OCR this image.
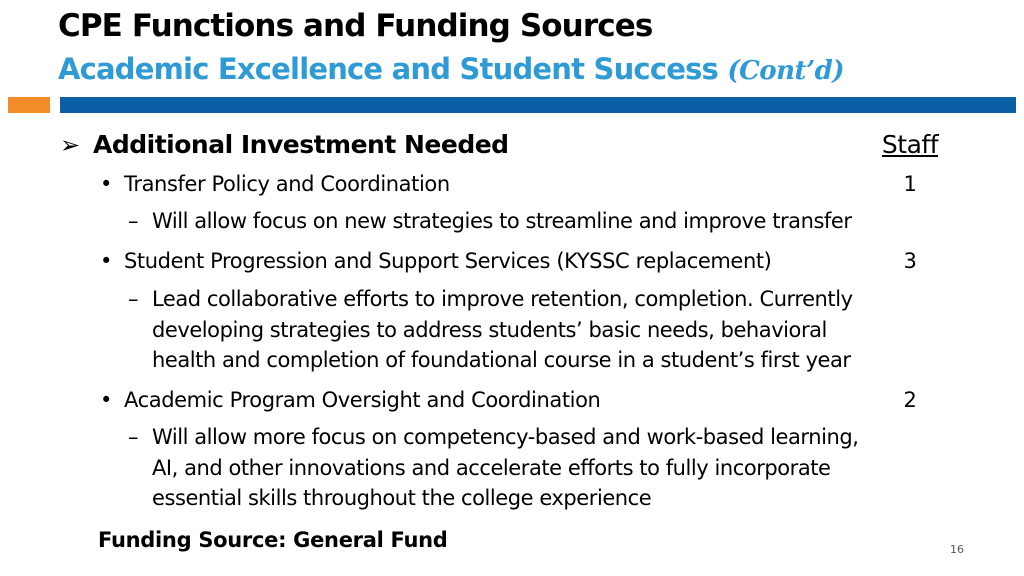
CPE Functions and Funding Sources
Academic Excellence and Student Success (Cont’d)
➢ Additional Investment Needed	Staff
• Transfer Policy and Coordination	1
– Will allow focus on new strategies to streamline and improve transfer
• Student Progression and Support Services (KYSSC replacement)	3
– Lead collaborative efforts to improve retention, completion. Currently
developing strategies to address students’ basic needs, behavioral
health and completion of foundational course in a student’s first year
• Academic Program Oversight and Coordination	2
– Will allow more focus on competency-based and work-based learning,
AI, and other innovations and accelerate efforts to fully incorporate
essential skills throughout the college experience
Funding Source: General Fund	16
